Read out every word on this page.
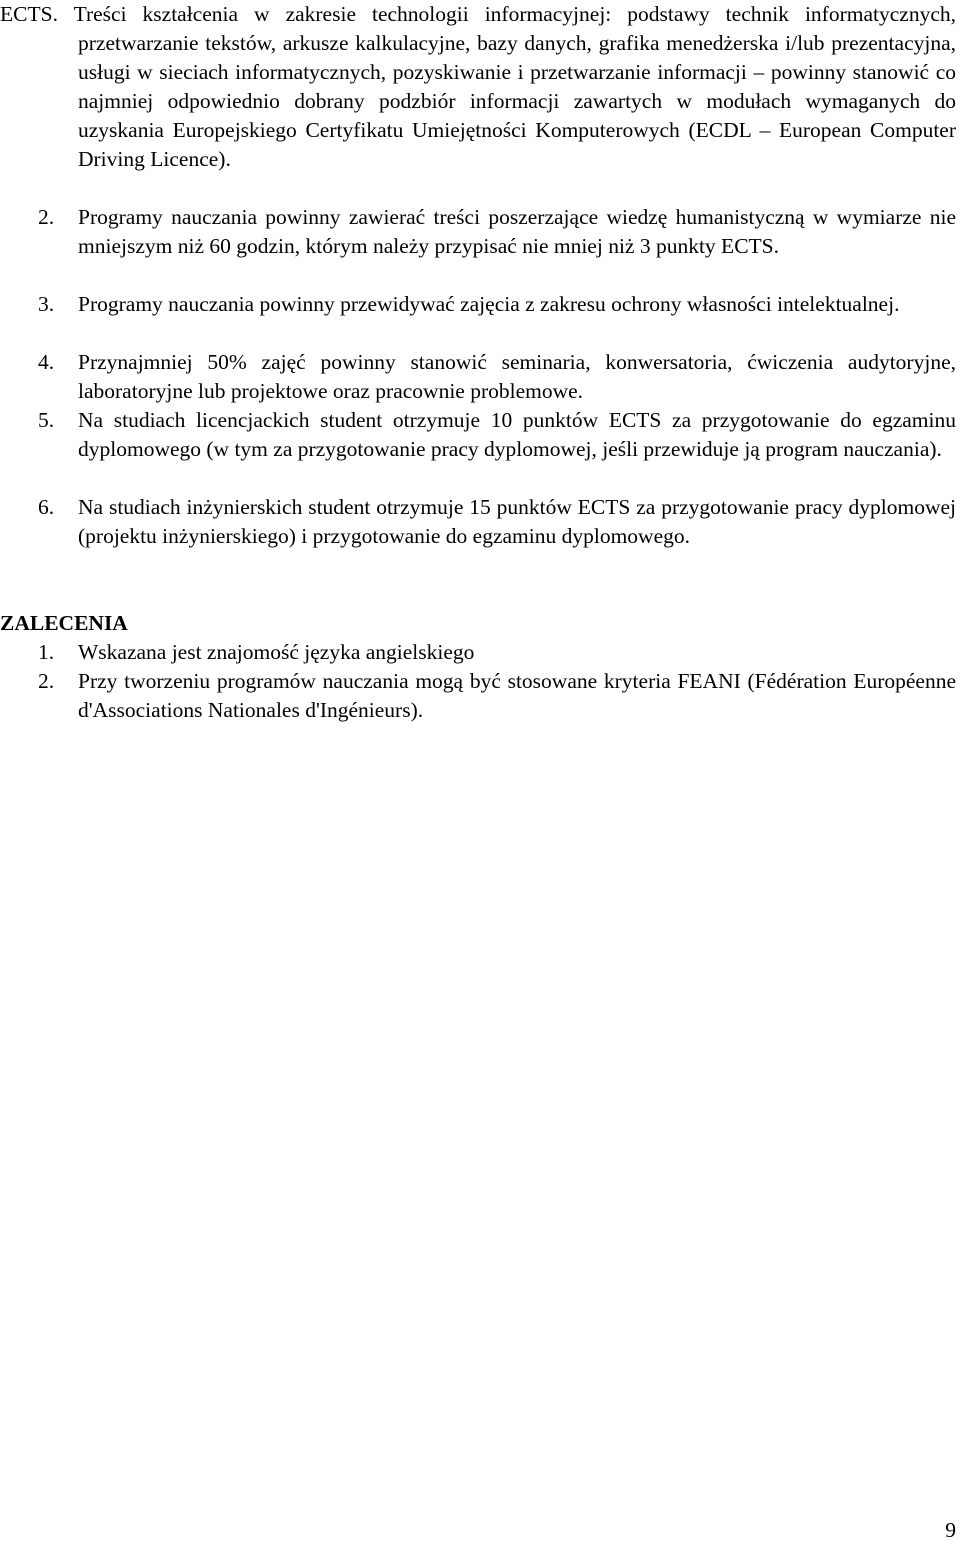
ECTS. Treści kształcenia w zakresie technologii informacyjnej: podstawy technik informatycznych, przetwarzanie tekstów, arkusze kalkulacyjne, bazy danych, grafika menedżerska i/lub prezentacyjna, usługi w sieciach informatycznych, pozyskiwanie i przetwarzanie informacji – powinny stanowić co najmniej odpowiednio dobrany podzbiór informacji zawartych w modułach wymaganych do uzyskania Europejskiego Certyfikatu Umiejętności Komputerowych (ECDL – European Computer Driving Licence).
2.	Programy nauczania powinny zawierać treści poszerzające wiedzę humanistyczną w wymiarze nie mniejszym niż 60 godzin, którym należy przypisać nie mniej niż 3 punkty ECTS.
3.	Programy nauczania powinny przewidywać zajęcia z zakresu ochrony własności intelektualnej.
4.	Przynajmniej 50% zajęć powinny stanowić seminaria, konwersatoria, ćwiczenia audytoryjne, laboratoryjne lub projektowe oraz pracownie problemowe.
5.	Na studiach licencjackich student otrzymuje 10 punktów ECTS za przygotowanie do egzaminu dyplomowego (w tym za przygotowanie pracy dyplomowej, jeśli przewiduje ją program nauczania).
6.	Na studiach inżynierskich student otrzymuje 15 punktów ECTS za przygotowanie pracy dyplomowej (projektu inżynierskiego) i przygotowanie do egzaminu dyplomowego.
ZALECENIA
1.	Wskazana jest znajomość języka angielskiego
2.	Przy tworzeniu programów nauczania mogą być stosowane kryteria FEANI (Fédération Européenne d'Associations Nationales d'Ingénieurs).
9
